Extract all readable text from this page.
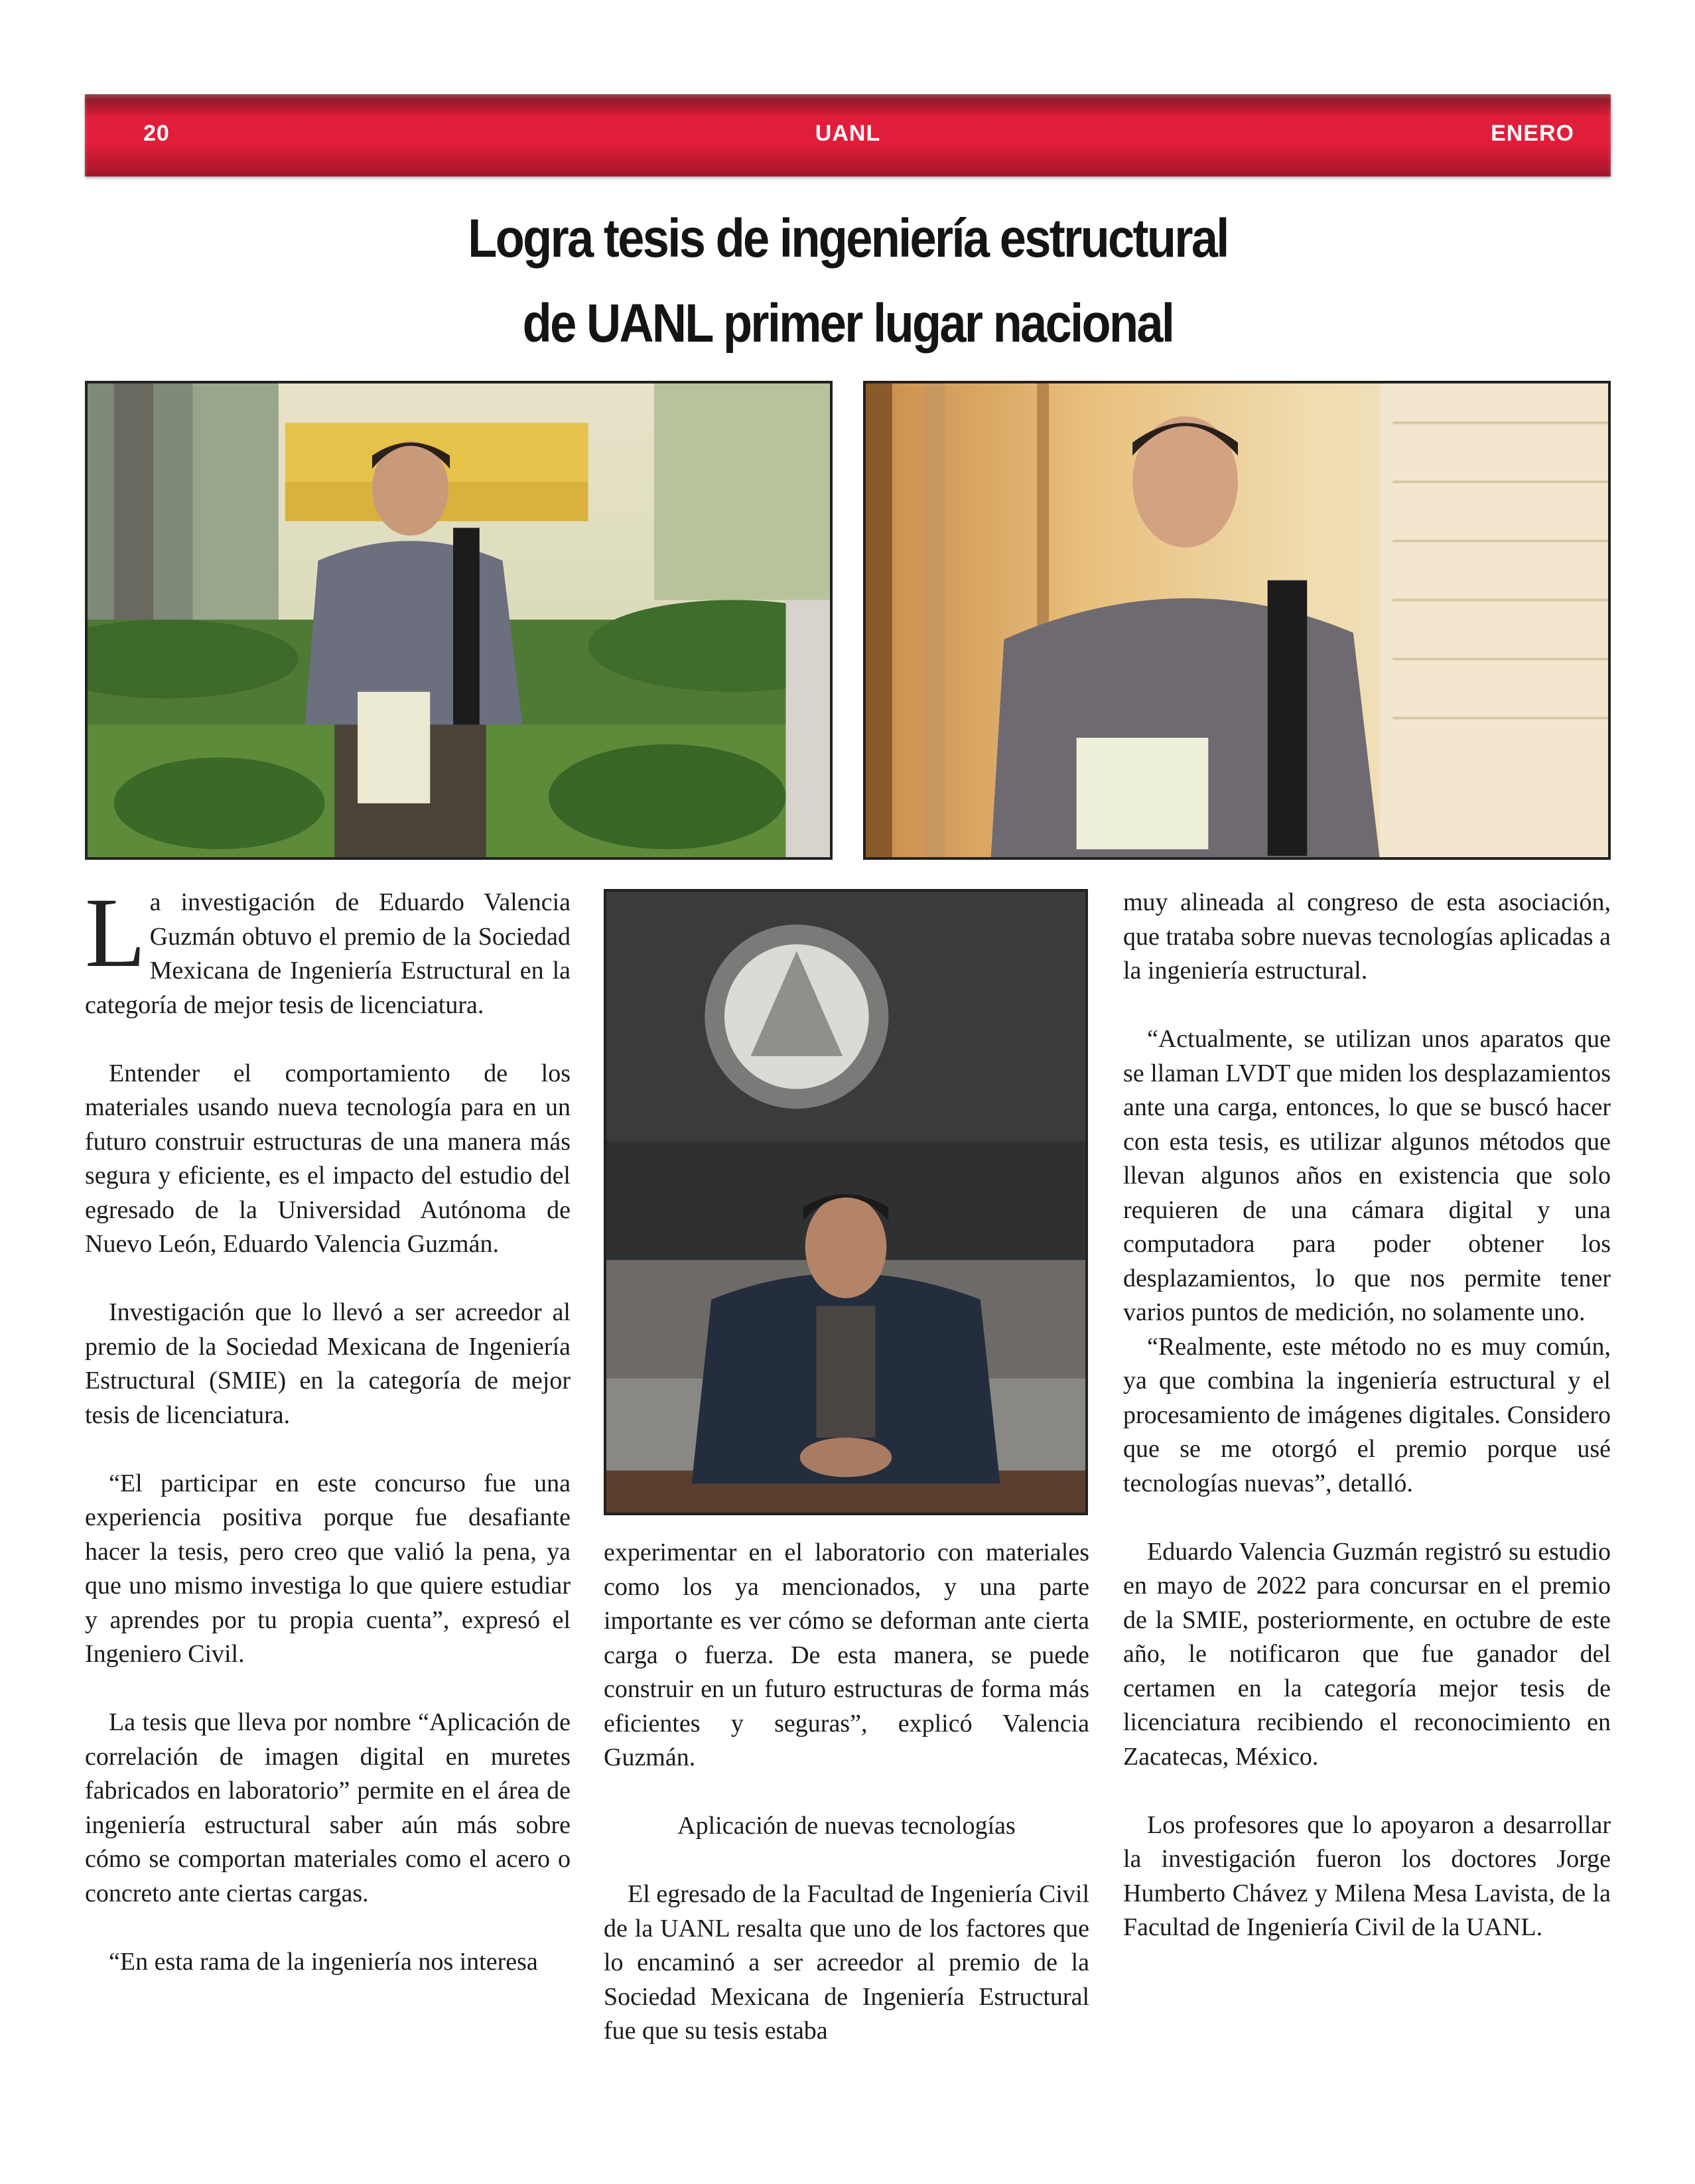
20	UANL	ENERO
Logra tesis de ingeniería estructural
de UANL primer lugar nacional

La investigación de Eduardo Valencia Guzmán obtuvo el premio de la Sociedad Mexicana de Ingeniería Estructural en la categoría de mejor tesis de licenciatura.

Entender el comportamiento de los materiales usando nueva tecnología para en un futuro construir estructuras de una manera más segura y eficiente, es el impacto del estudio del egresado de la Universidad Autónoma de Nuevo León, Eduardo Valencia Guzmán.

Investigación que lo llevó a ser acreedor al premio de la Sociedad Mexicana de Ingeniería Estructural (SMIE) en la categoría de mejor tesis de licenciatura.

“El participar en este concurso fue una experiencia positiva porque fue desafiante hacer la tesis, pero creo que valió la pena, ya que uno mismo investiga lo que quiere estudiar y aprendes por tu propia cuenta”, expresó el Ingeniero Civil.

La tesis que lleva por nombre “Aplicación de correlación de imagen digital en muretes fabricados en laboratorio” permite en el área de ingeniería estructural saber aún más sobre cómo se comportan materiales como el acero o concreto ante ciertas cargas.

“En esta rama de la ingeniería nos interesa

experimentar en el laboratorio con materiales como los ya mencionados, y una parte importante es ver cómo se deforman ante cierta carga o fuerza. De esta manera, se puede construir en un futuro estructuras de forma más eficientes y seguras”, explicó Valencia Guzmán.

Aplicación de nuevas tecnologías

El egresado de la Facultad de Ingeniería Civil de la UANL resalta que uno de los factores que lo encaminó a ser acreedor al premio de la Sociedad Mexicana de Ingeniería Estructural fue que su tesis estaba

muy alineada al congreso de esta asociación, que trataba sobre nuevas tecnologías aplicadas a la ingeniería estructural.

“Actualmente, se utilizan unos aparatos que se llaman LVDT que miden los desplazamientos ante una carga, entonces, lo que se buscó hacer con esta tesis, es utilizar algunos métodos que llevan algunos años en existencia que solo requieren de una cámara digital y una computadora para poder obtener los desplazamientos, lo que nos permite tener varios puntos de medición, no solamente uno.

“Realmente, este método no es muy común, ya que combina la ingeniería estructural y el procesamiento de imágenes digitales. Considero que se me otorgó el premio porque usé tecnologías nuevas”, detalló.

Eduardo Valencia Guzmán registró su estudio en mayo de 2022 para concursar en el premio de la SMIE, posteriormente, en octubre de este año, le notificaron que fue ganador del certamen en la categoría mejor tesis de licenciatura recibiendo el reconocimiento en Zacatecas, México.

Los profesores que lo apoyaron a desarrollar la investigación fueron los doctores Jorge Humberto Chávez y Milena Mesa Lavista, de la Facultad de Ingeniería Civil de la UANL.
